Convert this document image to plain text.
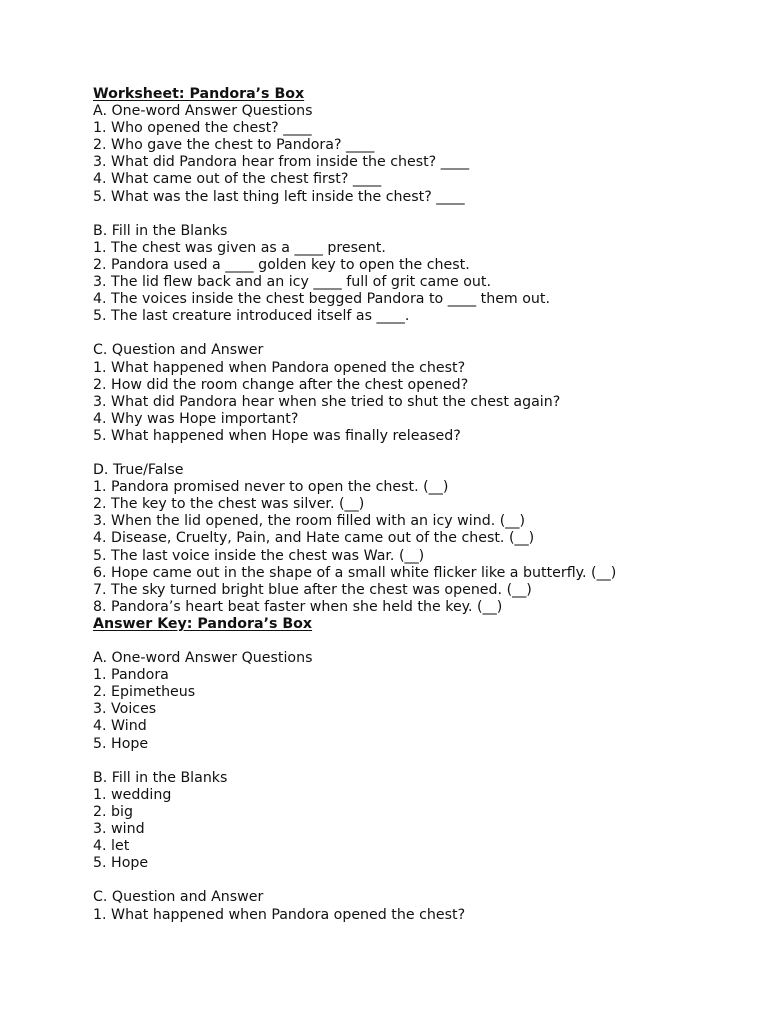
Worksheet: Pandora’s Box
A. One-word Answer Questions
1. Who opened the chest? ____
2. Who gave the chest to Pandora? ____
3. What did Pandora hear from inside the chest? ____
4. What came out of the chest first? ____
5. What was the last thing left inside the chest? ____
B. Fill in the Blanks
1. The chest was given as a ____ present.
2. Pandora used a ____ golden key to open the chest.
3. The lid flew back and an icy ____ full of grit came out.
4. The voices inside the chest begged Pandora to ____ them out.
5. The last creature introduced itself as ____.
C. Question and Answer
1. What happened when Pandora opened the chest?
2. How did the room change after the chest opened?
3. What did Pandora hear when she tried to shut the chest again?
4. Why was Hope important?
5. What happened when Hope was finally released?
D. True/False
1. Pandora promised never to open the chest. (__)
2. The key to the chest was silver. (__)
3. When the lid opened, the room filled with an icy wind. (__)
4. Disease, Cruelty, Pain, and Hate came out of the chest. (__)
5. The last voice inside the chest was War. (__)
6. Hope came out in the shape of a small white flicker like a butterfly. (__)
7. The sky turned bright blue after the chest was opened. (__)
8. Pandora’s heart beat faster when she held the key. (__)
Answer Key: Pandora’s Box
A. One-word Answer Questions
1. Pandora
2. Epimetheus
3. Voices
4. Wind
5. Hope
B. Fill in the Blanks
1. wedding
2. big
3. wind
4. let
5. Hope
C. Question and Answer
1. What happened when Pandora opened the chest?
